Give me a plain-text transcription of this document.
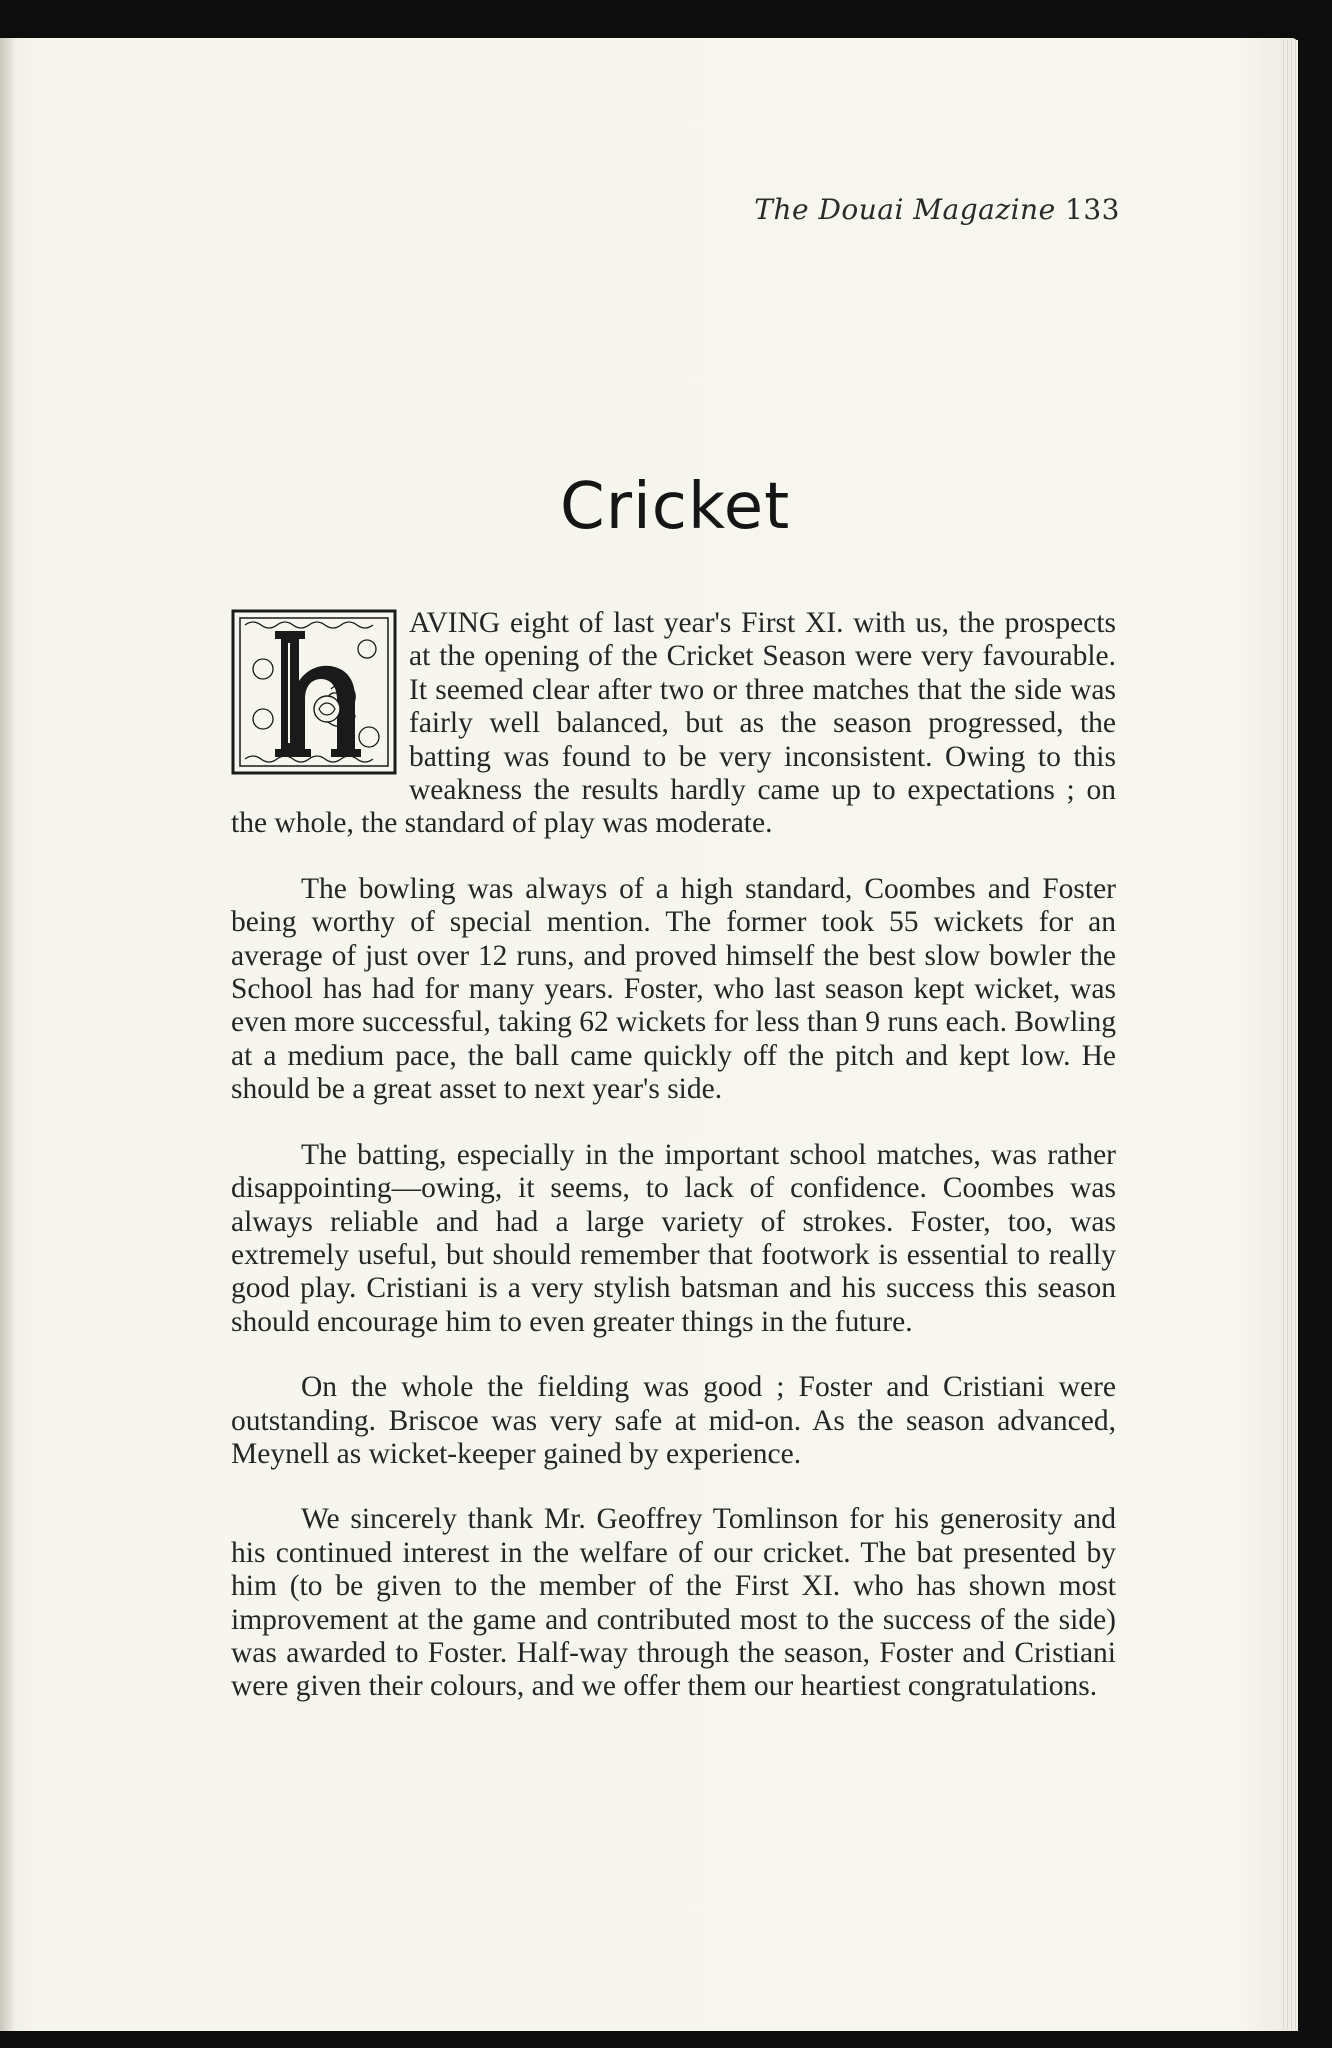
The Douai Magazine 133
Cricket

AVING eight of last year's First XI. with us, the prospects at the opening of the Cricket Season were very favourable. It seemed clear after two or three matches that the side was fairly well balanced, but as the season progressed, the batting was found to be very inconsistent. Owing to this weakness the results hardly came up to expectations ; on the whole, the standard of play was moderate.

The bowling was always of a high standard, Coombes and Foster being worthy of special mention. The former took 55 wickets for an average of just over 12 runs, and proved himself the best slow bowler the School has had for many years. Foster, who last season kept wicket, was even more successful, taking 62 wickets for less than 9 runs each. Bowling at a medium pace, the ball came quickly off the pitch and kept low. He should be a great asset to next year's side.

The batting, especially in the important school matches, was rather disappointing—owing, it seems, to lack of confidence. Coombes was always reliable and had a large variety of strokes. Foster, too, was extremely useful, but should remember that footwork is essential to really good play. Cristiani is a very stylish batsman and his success this season should encourage him to even greater things in the future.

On the whole the fielding was good ; Foster and Cristiani were outstanding. Briscoe was very safe at mid-on. As the season advanced, Meynell as wicket-keeper gained by experience.

We sincerely thank Mr. Geoffrey Tomlinson for his generosity and his continued interest in the welfare of our cricket. The bat presented by him (to be given to the member of the First XI. who has shown most improvement at the game and contributed most to the success of the side) was awarded to Foster. Half-way through the season, Foster and Cristiani were given their colours, and we offer them our heartiest congratulations.
